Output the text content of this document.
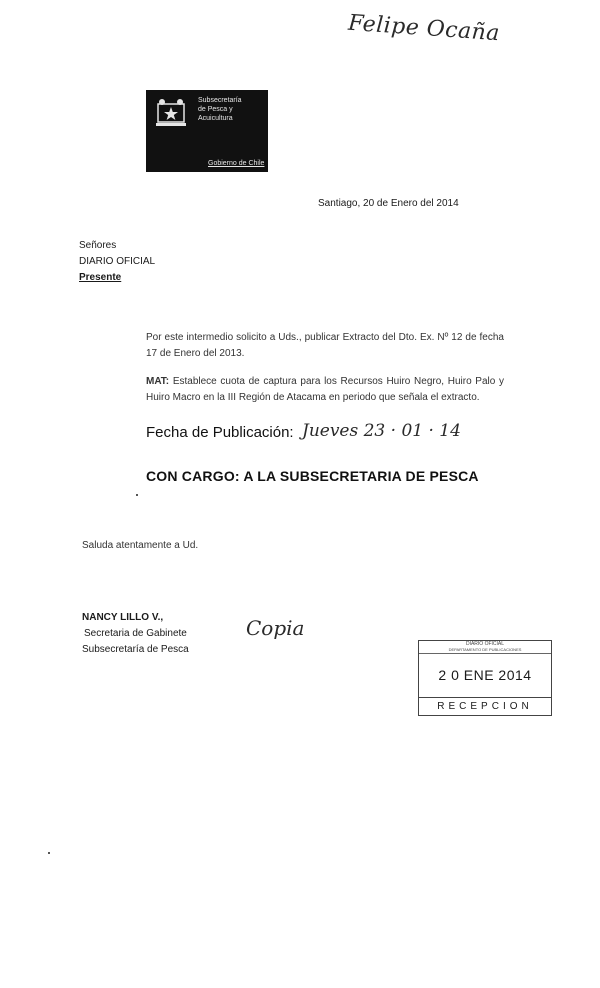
Felipe Ocaña
Subsecretaría
de Pesca y
Acuicultura
Gobierno de Chile
Santiago, 20 de Enero del 2014
Señores
DIARIO OFICIAL
Presente
Por este intermedio solicito a Uds., publicar Extracto del Dto. Ex. Nº 12 de fecha 17 de Enero del 2013.
MAT: Establece cuota de captura para los Recursos Huiro Negro, Huiro Palo y Huiro Macro en la III Región de Atacama en periodo que señala el extracto.
Fecha de Publicación: Jueves 23 · 01 · 14
CON CARGO: A LA SUBSECRETARIA DE PESCA
Saluda atentamente a Ud.
NANCY LILLO V.,
Secretaria de Gabinete
Subsecretaría de Pesca
Copia
DIARIO OFICIAL
DEPARTAMENTO DE PUBLICACIONES
2 0 ENE 2014
RECEPCION
